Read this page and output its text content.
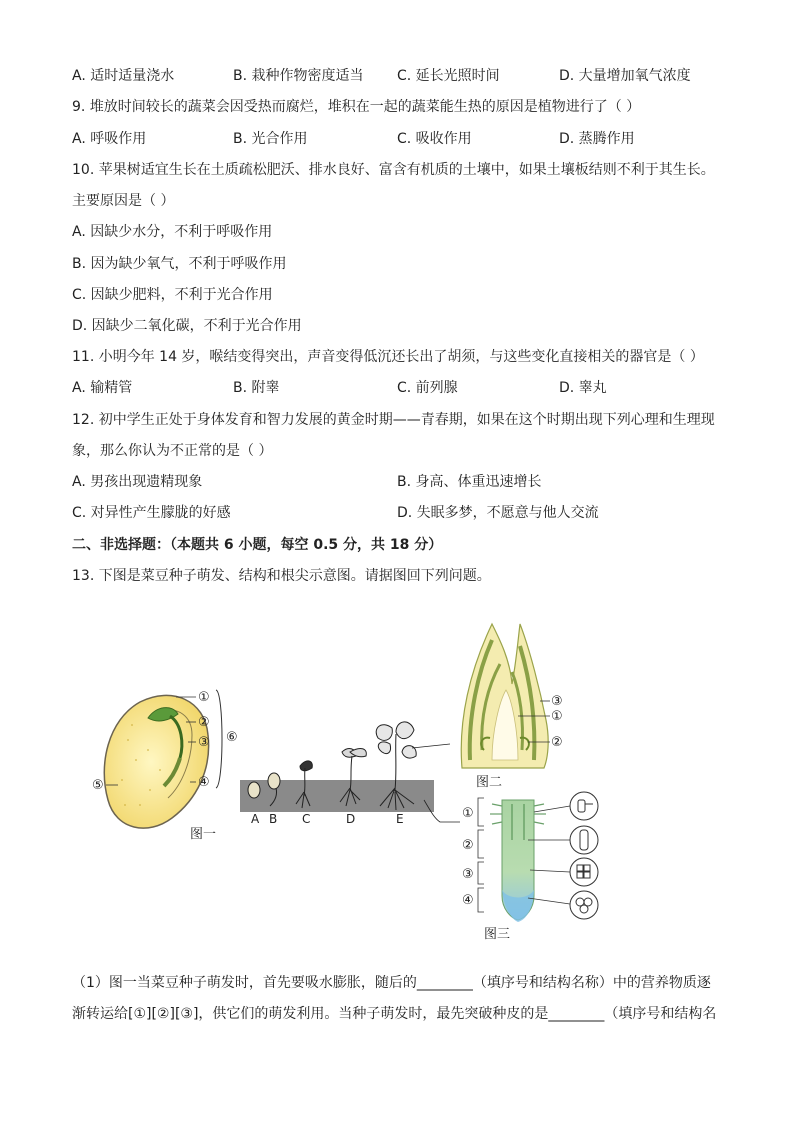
A. 适时适量浇水	B. 栽种作物密度适当 C. 延长光照时间	D. 大量增加氧气浓度
9. 堆放时间较长的蔬菜会因受热而腐烂，堆积在一起的蔬菜能生热的原因是植物进行了（ ）
A. 呼吸作用	B. 光合作用	C. 吸收作用	D. 蒸腾作用
10. 苹果树适宜生长在土质疏松肥沃、排水良好、富含有机质的土壤中，如果土壤板结则不利于其生长。
主要原因是（ ）
A. 因缺少水分，不利于呼吸作用
B. 因为缺少氧气，不利于呼吸作用
C. 因缺少肥料，不利于光合作用
D. 因缺少二氧化碳，不利于光合作用
11. 小明今年 14 岁，喉结变得突出，声音变得低沉还长出了胡须，与这些变化直接相关的器官是（ ）
A. 输精管	B. 附睾	C. 前列腺	D. 睾丸
12. 初中学生正处于身体发育和智力发展的黄金时期——青春期，如果在这个时期出现下列心理和生理现
象，那么你认为不正常的是（ ）
A. 男孩出现遗精现象	B. 身高、体重迅速增长
C. 对异性产生朦胧的好感	D. 失眠多梦，不愿意与他人交流
二、非选择题：（本题共 6 小题，每空 0.5 分，共 18 分）
13. 下图是菜豆种子萌发、结构和根尖示意图。请据图回下列问题。
①
②
③
④
⑤
⑥
图一
A B C	D	E
③
①
②
图二
①
②
③
④
图三
（1）图一当菜豆种子萌发时，首先要吸水膨胀，随后的________（填序号和结构名称）中的营养物质逐
渐转运给[①][②][③]，供它们的萌发利用。当种子萌发时，最先突破种皮的是________（填序号和结构名
